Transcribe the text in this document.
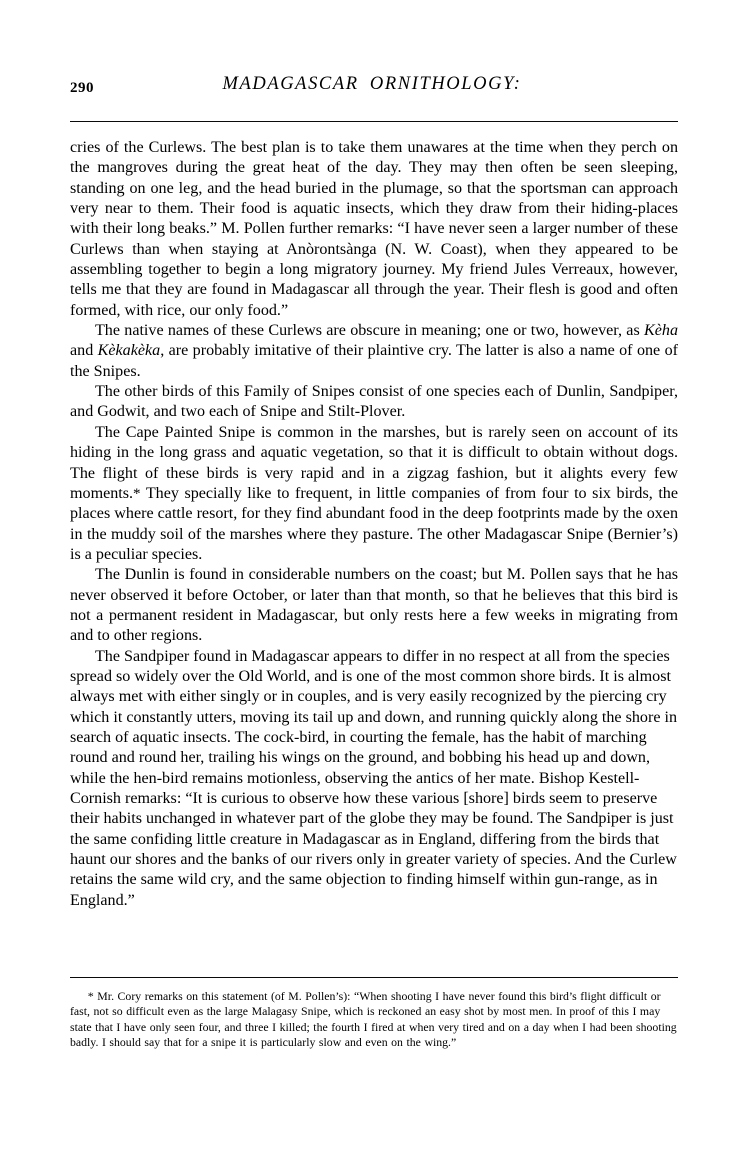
290	MADAGASCAR ORNITHOLOGY:

cries of the Curlews. The best plan is to take them unawares at the time when they perch on the mangroves during the great heat of the day. They may then often be seen sleeping, standing on one leg, and the head buried in the plumage, so that the sportsman can approach very near to them. Their food is aquatic insects, which they draw from their hiding-places with their long beaks.” M. Pollen further remarks: “I have never seen a larger number of these Curlews than when staying at Anòrontsànga (N. W. Coast), when they appeared to be assembling together to begin a long migratory journey. My friend Jules Verreaux, however, tells me that they are found in Madagascar all through the year. Their flesh is good and often formed, with rice, our only food.”

The native names of these Curlews are obscure in meaning; one or two, however, as Kèha and Kèkakèka, are probably imitative of their plaintive cry. The latter is also a name of one of the Snipes.

The other birds of this Family of Snipes consist of one species each of Dunlin, Sandpiper, and Godwit, and two each of Snipe and Stilt-Plover.

The Cape Painted Snipe is common in the marshes, but is rarely seen on account of its hiding in the long grass and aquatic vegetation, so that it is difficult to obtain without dogs. The flight of these birds is very rapid and in a zigzag fashion, but it alights every few moments.* They specially like to frequent, in little companies of from four to six birds, the places where cattle resort, for they find abundant food in the deep footprints made by the oxen in the muddy soil of the marshes where they pasture. The other Madagascar Snipe (Bernier’s) is a peculiar species.

The Dunlin is found in considerable numbers on the coast; but M. Pollen says that he has never observed it before October, or later than that month, so that he believes that this bird is not a permanent resident in Madagascar, but only rests here a few weeks in migrating from and to other regions.

The Sandpiper found in Madagascar appears to differ in no respect at all from the species spread so widely over the Old World, and is one of the most common shore birds. It is almost always met with either singly or in couples, and is very easily recognized by the piercing cry which it constantly utters, moving its tail up and down, and running quickly along the shore in search of aquatic insects. The cock-bird, in courting the female, has the habit of marching round and round her, trailing his wings on the ground, and bobbing his head up and down, while the hen-bird remains motionless, observing the antics of her mate. Bishop Kestell-Cornish remarks: “It is curious to observe how these various [shore] birds seem to preserve their habits unchanged in whatever part of the globe they may be found. The Sandpiper is just the same confiding little creature in Madagascar as in England, differing from the birds that haunt our shores and the banks of our rivers only in greater variety of species. And the Curlew retains the same wild cry, and the same objection to finding himself within gun-range, as in England.”

* Mr. Cory remarks on this statement (of M. Pollen’s): “When shooting I have never found this bird’s flight difficult or fast, not so difficult even as the large Malagasy Snipe, which is reckoned an easy shot by most men. In proof of this I may state that I have only seen four, and three I killed; the fourth I fired at when very tired and on a day when I had been shooting badly. I should say that for a snipe it is particularly slow and even on the wing.”
